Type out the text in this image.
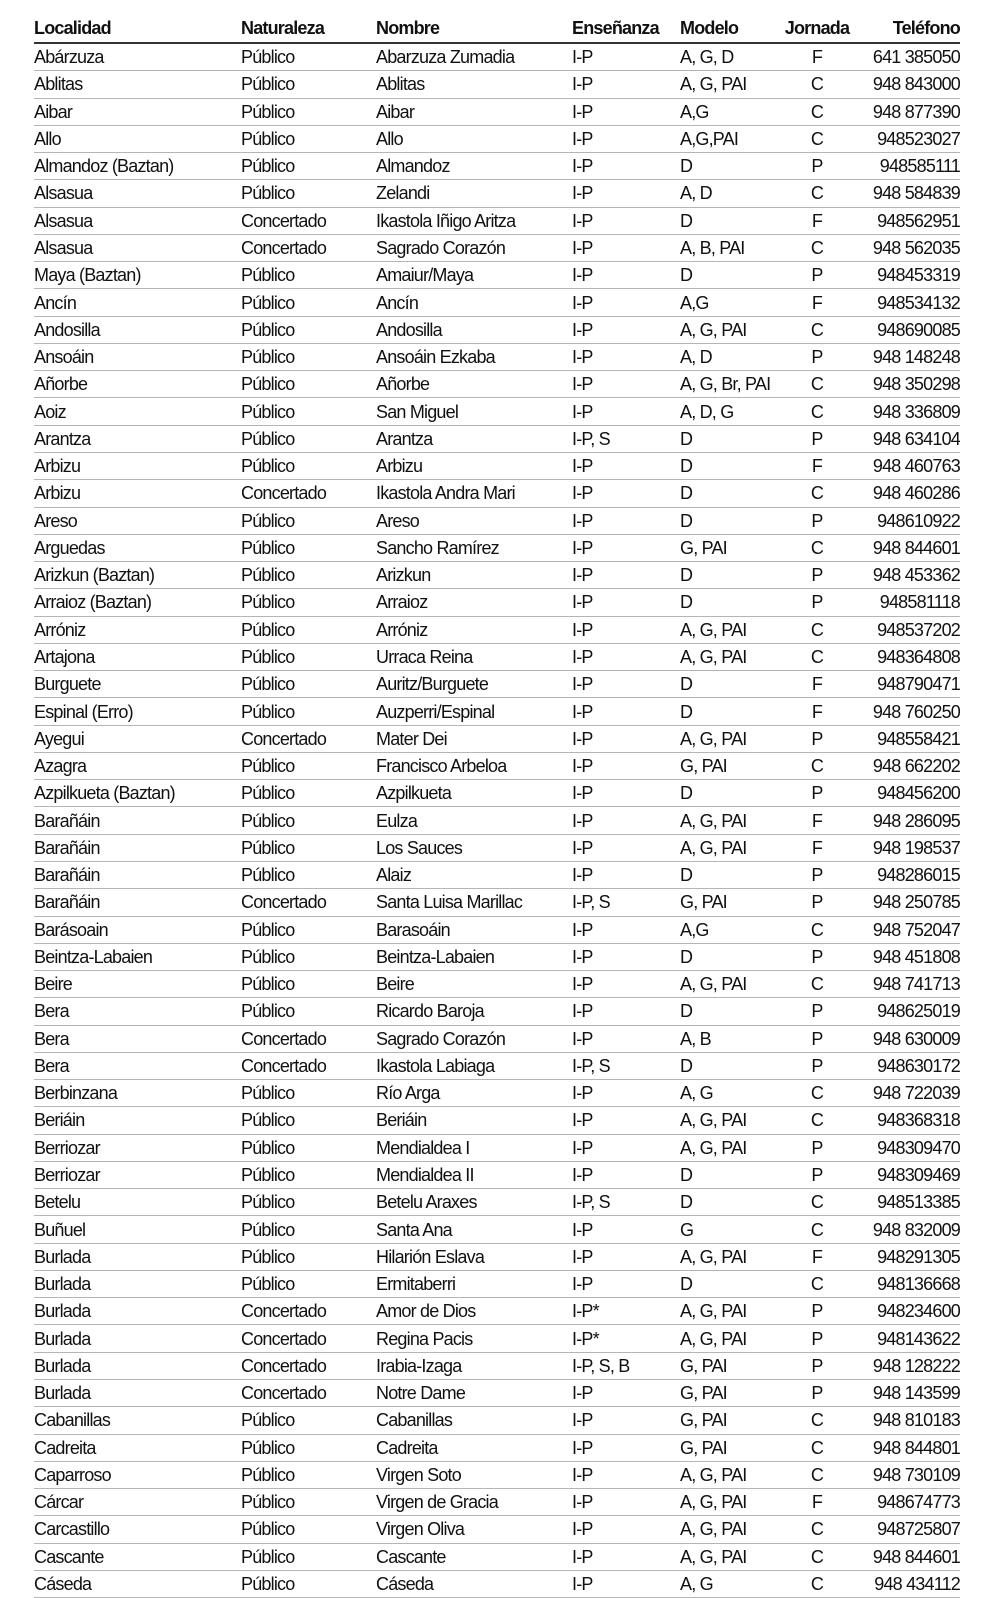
Localidad	Naturaleza	Nombre	Enseñanza	Modelo	Jornada	Teléfono
Abárzuza	Público	Abarzuza Zumadia	I-P	A, G, D	F	641 385050
Ablitas	Público	Ablitas	I-P	A, G, PAI	C	948 843000
Aibar	Público	Aibar	I-P	A,G	C	948 877390
Allo	Público	Allo	I-P	A,G,PAI	C	948523027
Almandoz (Baztan)	Público	Almandoz	I-P	D	P	948585111
Alsasua	Público	Zelandi	I-P	A, D	C	948 584839
Alsasua	Concertado	Ikastola Iñigo Aritza	I-P	D	F	948562951
Alsasua	Concertado	Sagrado Corazón	I-P	A, B, PAI	C	948 562035
Maya (Baztan)	Público	Amaiur/Maya	I-P	D	P	948453319
Ancín	Público	Ancín	I-P	A,G	F	948534132
Andosilla	Público	Andosilla	I-P	A, G, PAI	C	948690085
Ansoáin	Público	Ansoáin Ezkaba	I-P	A, D	P	948 148248
Añorbe	Público	Añorbe	I-P	A, G, Br, PAI	C	948 350298
Aoiz	Público	San Miguel	I-P	A, D, G	C	948 336809
Arantza	Público	Arantza	I-P, S	D	P	948 634104
Arbizu	Público	Arbizu	I-P	D	F	948 460763
Arbizu	Concertado	Ikastola Andra Mari	I-P	D	C	948 460286
Areso	Público	Areso	I-P	D	P	948610922
Arguedas	Público	Sancho Ramírez	I-P	G, PAI	C	948 844601
Arizkun (Baztan)	Público	Arizkun	I-P	D	P	948 453362
Arraioz (Baztan)	Público	Arraioz	I-P	D	P	948581118
Arróniz	Público	Arróniz	I-P	A, G, PAI	C	948537202
Artajona	Público	Urraca Reina	I-P	A, G, PAI	C	948364808
Burguete	Público	Auritz/Burguete	I-P	D	F	948790471
Espinal (Erro)	Público	Auzperri/Espinal	I-P	D	F	948 760250
Ayegui	Concertado	Mater Dei	I-P	A, G, PAI	P	948558421
Azagra	Público	Francisco Arbeloa	I-P	G, PAI	C	948 662202
Azpilkueta (Baztan)	Público	Azpilkueta	I-P	D	P	948456200
Barañáin	Público	Eulza	I-P	A, G, PAI	F	948 286095
Barañáin	Público	Los Sauces	I-P	A, G, PAI	F	948 198537
Barañáin	Público	Alaiz	I-P	D	P	948286015
Barañáin	Concertado	Santa Luisa Marillac	I-P, S	G, PAI	P	948 250785
Barásoain	Público	Barasoáin	I-P	A,G	C	948 752047
Beintza-Labaien	Público	Beintza-Labaien	I-P	D	P	948 451808
Beire	Público	Beire	I-P	A, G, PAI	C	948 741713
Bera	Público	Ricardo Baroja	I-P	D	P	948625019
Bera	Concertado	Sagrado Corazón	I-P	A, B	P	948 630009
Bera	Concertado	Ikastola Labiaga	I-P, S	D	P	948630172
Berbinzana	Público	Río Arga	I-P	A, G	C	948 722039
Beriáin	Público	Beriáin	I-P	A, G, PAI	C	948368318
Berriozar	Público	Mendialdea I	I-P	A, G, PAI	P	948309470
Berriozar	Público	Mendialdea II	I-P	D	P	948309469
Betelu	Público	Betelu Araxes	I-P, S	D	C	948513385
Buñuel	Público	Santa Ana	I-P	G	C	948 832009
Burlada	Público	Hilarión Eslava	I-P	A, G, PAI	F	948291305
Burlada	Público	Ermitaberri	I-P	D	C	948136668
Burlada	Concertado	Amor de Dios	I-P*	A, G, PAI	P	948234600
Burlada	Concertado	Regina Pacis	I-P*	A, G, PAI	P	948143622
Burlada	Concertado	Irabia-Izaga	I-P, S, B	G, PAI	P	948 128222
Burlada	Concertado	Notre Dame	I-P	G, PAI	P	948 143599
Cabanillas	Público	Cabanillas	I-P	G, PAI	C	948 810183
Cadreita	Público	Cadreita	I-P	G, PAI	C	948 844801
Caparroso	Público	Virgen Soto	I-P	A, G, PAI	C	948 730109
Cárcar	Público	Virgen de Gracia	I-P	A, G, PAI	F	948674773
Carcastillo	Público	Virgen Oliva	I-P	A, G, PAI	C	948725807
Cascante	Público	Cascante	I-P	A, G, PAI	C	948 844601
Cáseda	Público	Cáseda	I-P	A, G	C	948 434112
